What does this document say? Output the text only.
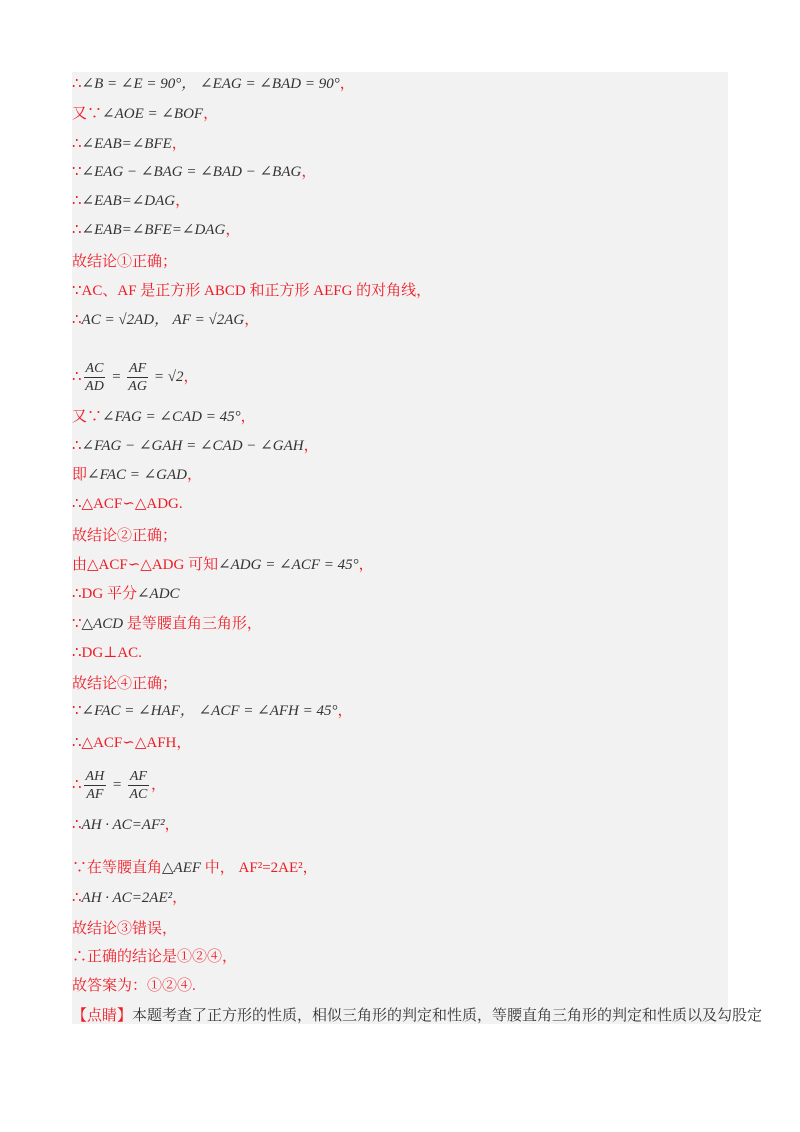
∴∠B = ∠E = 90°， ∠EAG = ∠BAD = 90°，
又∵∠AOE = ∠BOF，
∴∠EAB=∠BFE，
∵∠EAG − ∠BAG = ∠BAD − ∠BAG，
∴∠EAB=∠DAG，
∴∠EAB=∠BFE=∠DAG，
故结论①正确；
∵AC、AF 是正方形 ABCD 和正方形 AEFG 的对角线，
∴AC = √2AD， AF = √2AG，
∴ $\frac{AC}{AD} = \frac{AF}{AG} = √2$，
又∵∠FAG = ∠CAD = 45°，
∴∠FAG − ∠GAH = ∠CAD − ∠GAH，
即∠FAC = ∠GAD，
∴△ACF∽△ADG.
故结论②正确；
由△ACF∽△ADG 可知∠ADG = ∠ACF = 45°，
∴DG 平分∠ADC
∵△ACD 是等腰直角三角形，
∴DG⊥AC.
故结论④正确；
∵∠FAC = ∠HAF， ∠ACF = ∠AFH = 45°，
∴△ACF∽△AFH，
∴ $\frac{AH}{AF} = \frac{AF}{AC}$ ，
∴AH · AC=AF²，
∵在等腰直角△AEF 中， AF²=2AE²，
∴AH · AC=2AE²，
故结论③错误，
∴正确的结论是①②④，
故答案为：①②④.
【点睛】本题考查了正方形的性质，相似三角形的判定和性质，等腰直角三角形的判定和性质以及勾股定
